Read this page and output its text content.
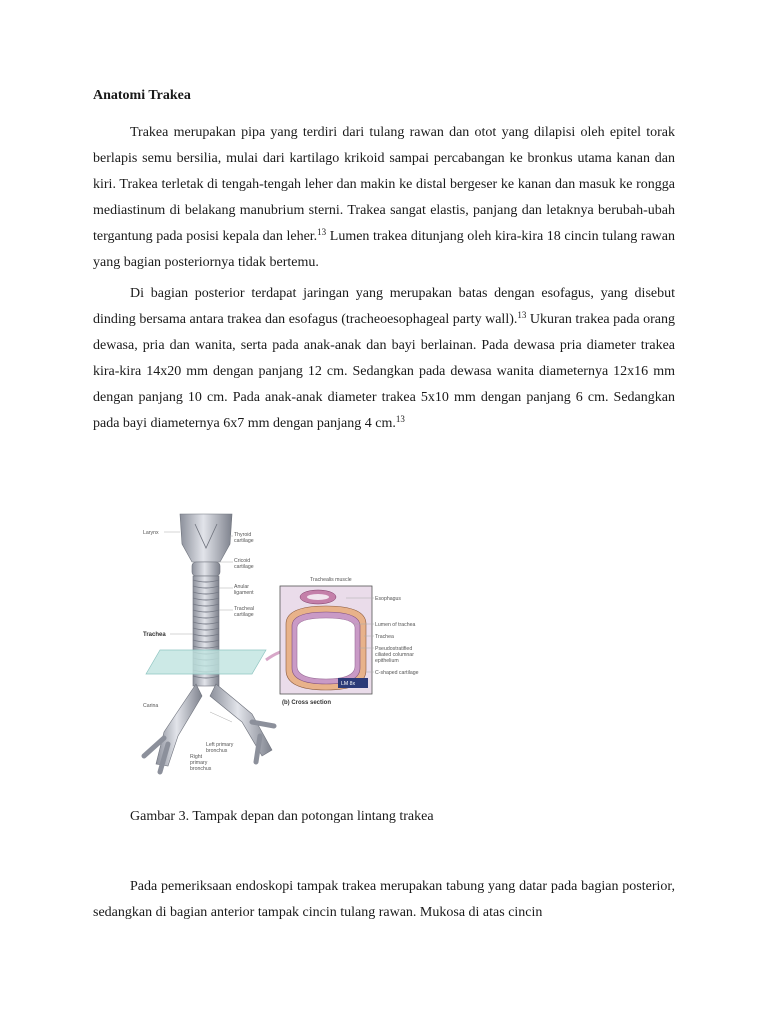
Anatomi Trakea

Trakea merupakan pipa yang terdiri dari tulang rawan dan otot yang dilapisi oleh epitel torak berlapis semu bersilia, mulai dari kartilago krikoid sampai percabangan ke bronkus utama kanan dan kiri. Trakea terletak di tengah-tengah leher dan makin ke distal bergeser ke kanan dan masuk ke rongga mediastinum di belakang manubrium sterni. Trakea sangat elastis, panjang dan letaknya berubah-ubah tergantung pada posisi kepala dan leher.$^{13}$ Lumen trakea ditunjang oleh kira-kira 18 cincin tulang rawan yang bagian posteriornya tidak bertemu.

Di bagian posterior terdapat jaringan yang merupakan batas dengan esofagus, yang disebut dinding bersama antara trakea dan esofagus (tracheoesophageal party wall).$^{13}$ Ukuran trakea pada orang dewasa, pria dan wanita, serta pada anak-anak dan bayi berlainan. Pada dewasa pria diameter trakea kira-kira 14x20 mm dengan panjang 12 cm. Sedangkan pada dewasa wanita diameternya 12x16 mm dengan panjang 10 cm. Pada anak-anak diameter trakea 5x10 mm dengan panjang 6 cm. Sedangkan pada bayi diameternya 6x7 mm dengan panjang 4 cm.$^{13}$

Larynx
Trachea
Carina
Thyroid
cartilage
Cricoid
cartilage
Anular
ligament
Tracheal
cartilage
Left primary
bronchus
Right
primary
bronchus
LM 8x
(b) Cross section
Trachealis muscle
Esophagus
Lumen of trachea
Trachea
Pseudostratified
ciliated columnar
epithelium
C-shaped cartilage

Gambar 3. Tampak depan dan potongan lintang trakea

Pada pemeriksaan endoskopi tampak trakea merupakan tabung yang datar pada bagian posterior, sedangkan di bagian anterior tampak cincin tulang rawan. Mukosa di atas cincin
